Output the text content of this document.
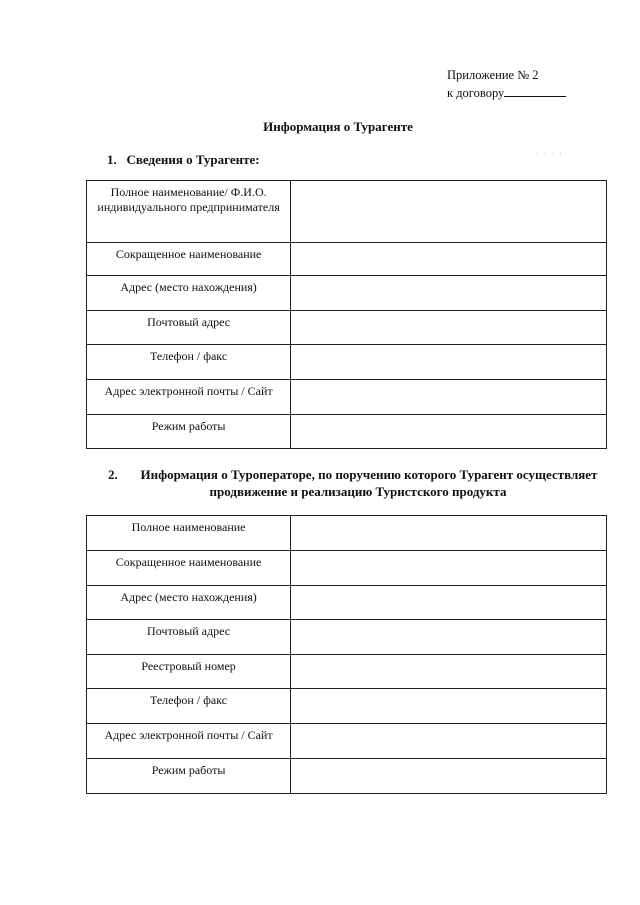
Приложение № 2
к договору
Информация о Турагенте
1. Сведения о Турагенте:	· · · ·
Полное наименование/ Ф.И.О. индивидуального предпринимателя	
Сокращенное наименование	
Адрес (место нахождения)	
Почтовый адрес	
Телефон / факс	
Адрес электронной почты / Сайт	
Режим работы	
2.	Информация о Туроператоре, по поручению которого Турагент осуществляет
продвижение и реализацию Туристского продукта
Полное наименование	
Сокращенное наименование	
Адрес (место нахождения)	
Почтовый адрес	
Реестровый номер	
Телефон / факс	
Адрес электронной почты / Сайт	
Режим работы	
